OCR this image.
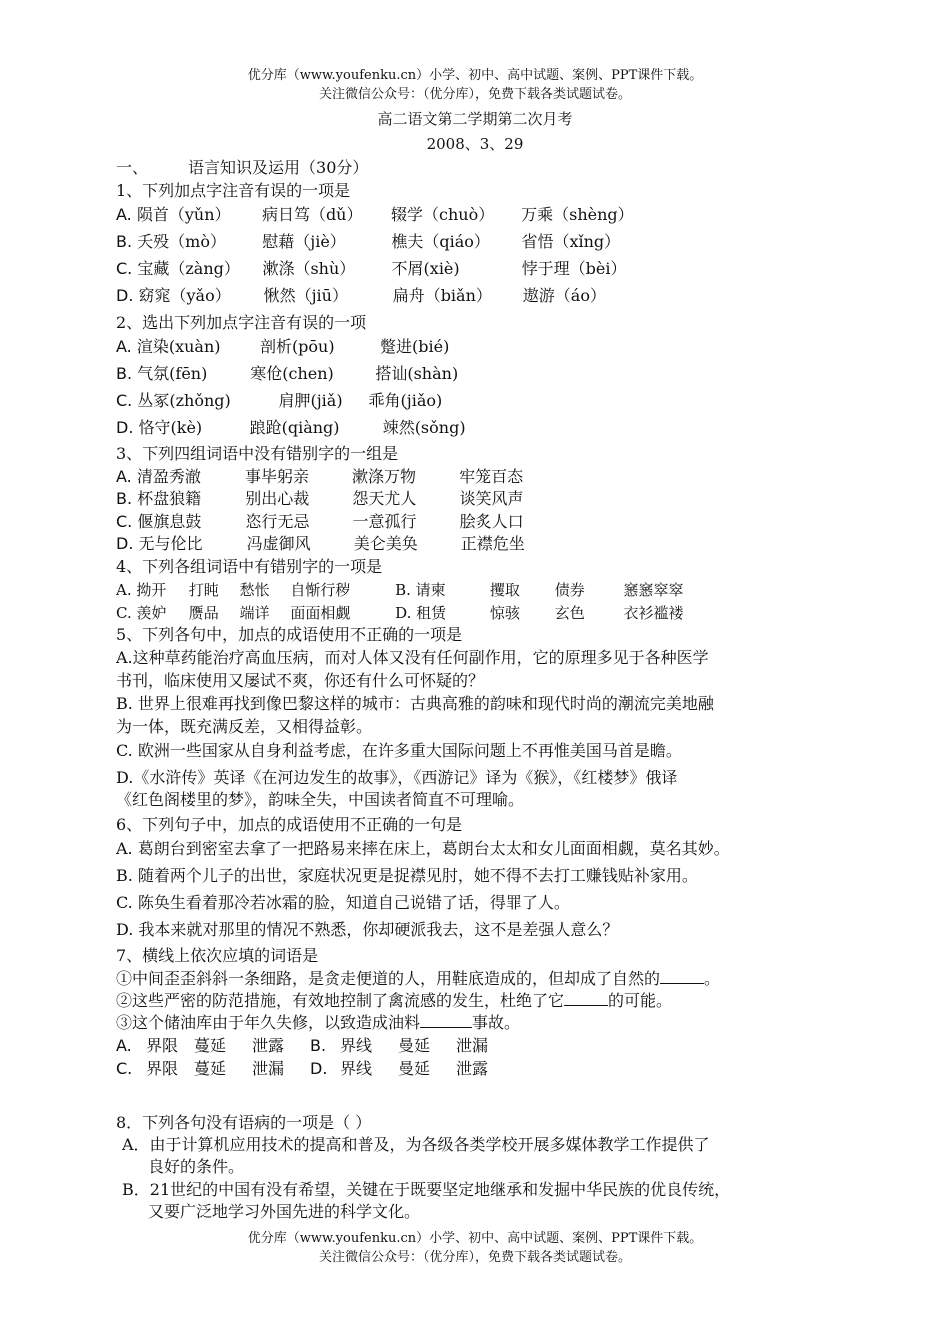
优分库（www.youfenku.cn）小学、初中、高中试题、案例、PPT课件下载。
关注微信公众号：（优分库），免费下载各类试题试卷。
高二语文第二学期第二次月考
2008、3、29
一、	语言知识及运用（30分）
1、下列加点字注音有误的一项是
A. 陨首（yǔn） 病日笃（dǔ） 辍学（chuò） 万乘（shèng）
B. 夭殁（mò） 慰藉（jiè）	樵夫（qiáo） 省悟（xǐng）
C. 宝藏（zàng） 漱涤（shù） 不屑(xiè)	悖于理（bèi）
D. 窈窕（yǎo） 愀然（jiū）	扁舟（biǎn） 遨游（áo）
2、选出下列加点字注音有误的一项
A. 渲染(xuàn) 剖析(pōu)	蹩进(bié)
B. 气氛(fēn)	寒伧(chen)	搭讪(shàn)
C. 丛冢(zhǒng)	肩胛(jiǎ) 乖角(jiǎo)
D. 恪守(kè)	踉跄(qiàng)	竦然(sǒng)
3、下列四组词语中没有错别字的一组是
A. 清盈秀澈	事毕躬亲	漱涤万物	牢笼百态
B. 杯盘狼籍	别出心裁	怨天尤人	谈笑风声
C. 偃旗息鼓	恣行无忌	一意孤行	脍炙人口
D. 无与伦比	冯虚御风	美仑美奂	正襟危坐
4、下列各组词语中有错别字的一项是
A. 拗开 打盹 愁怅 自惭行秽	B. 请柬	攫取 债券	窸窸窣窣
C. 羡妒 赝品 端详 面面相觑	D. 租赁	惊骇 玄色	衣衫褴褛
5、下列各句中，加点的成语使用不正确的一项是
A.这种草药能治疗高血压病，而对人体又没有任何副作用，它的原理多见于各种医学
书刊，临床使用又屡试不爽，你还有什么可怀疑的？
B. 世界上很难再找到像巴黎这样的城市：古典高雅的韵味和现代时尚的潮流完美地融
为一体，既充满反差，又相得益彰。
C. 欧洲一些国家从自身利益考虑，在许多重大国际问题上不再惟美国马首是瞻。
D.《水浒传》英译《在河边发生的故事》，《西游记》译为《猴》，《红楼梦》俄译
《红色阁楼里的梦》，韵味全失，中国读者简直不可理喻。
6、下列句子中，加点的成语使用不正确的一句是
A. 葛朗台到密室去拿了一把路易来摔在床上，葛朗台太太和女儿面面相觑，莫名其妙。
B. 随着两个儿子的出世，家庭状况更是捉襟见肘，她不得不去打工赚钱贴补家用。
C. 陈奂生看着那冷若冰霜的脸，知道自己说错了话，得罪了人。
D. 我本来就对那里的情况不熟悉，你却硬派我去，这不是差强人意么？
7、横线上依次应填的词语是
①中间歪歪斜斜一条细路，是贪走便道的人，用鞋底造成的，但却成了自然的	。
②这些严密的防范措施，有效地控制了禽流感的发生，杜绝了它	的可能。
③这个储油库由于年久失修，以致造成油料	事故。
A. 界限 蔓延 泄露 B. 界线 曼延 泄漏
C. 界限 蔓延 泄漏 D. 界线 曼延 泄露
8．下列各句没有语病的一项是（ ）
A．由于计算机应用技术的提高和普及，为各级各类学校开展多媒体教学工作提供了
良好的条件。
B．21世纪的中国有没有希望，关键在于既要坚定地继承和发掘中华民族的优良传统，
又要广泛地学习外国先进的科学文化。
优分库（www.youfenku.cn）小学、初中、高中试题、案例、PPT课件下载。
关注微信公众号：（优分库），免费下载各类试题试卷。
